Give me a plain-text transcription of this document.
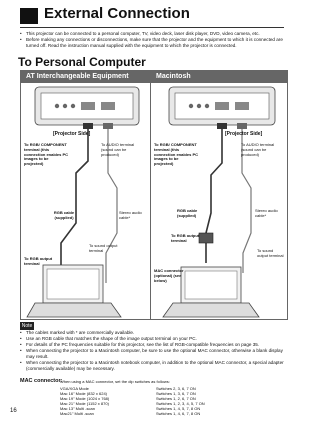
External Connection
• This projector can be connected to a personal computer, TV, video deck, laser disk player, DVD, video camera, etc.
• Before making any connections or disconnections, make sure that the projector and the equipment to which it is connected are turned off. Read the instruction manual supplied with the equipment to which the projector is connected.
To Personal Computer
AT Interchangeable Equipment
[Projector Side]
To RGB/ COMPONENT terminal (this connection enables PC images to be projected)
To AUDIO terminal (sound can be produced)
RGB cable (supplied)
Stereo audio cable*
To RGB output terminal
To sound output terminal
Macintosh
[Projector Side]
To RGB/ COMPONENT terminal (this connection enables PC images to be projected)
To AUDIO terminal (sound can be produced)
RGB cable (supplied)
Stereo audio cable*
To RGB output terminal
MAC connector (optional) (see below)
To sound output terminal
Note
• The cables marked with * are commercially available.
• Use an RGB cable that matches the shape of the image output terminal on your PC.
• For details of the PC frequencies suitable for this projector, see the list of RGB-compatible frequencies on page 35.
• When connecting the projector to a Macintosh computer, be sure to use the optional MAC connector, otherwise a blank display may result.
• When connecting the projector to a Macintosh notebook computer, in addition to the optional MAC connector, a special adapter (commercially available) may be necessary.
MAC connector:
When using a MAC connector, set the dip switches as follows:
VGA/XGA Mode	Switches 2, 3, 6, 7 ON
Mac 16" Mode (832 x 624)	Switches 1, 3, 6, 7 ON
Mac 19" Mode (1024 x 768)	Switches 1, 2, 6, 7 ON
Mac 21" Mode (1152 x 870)	Switches 1, 2, 3, 4, 5, 7 ON
Mac 13" Multi -scan	Switches 1, 4, 5, 7, 8 ON
Mac21" Multi -scan	Switches 1, 4, 6, 7, 8 ON
16
